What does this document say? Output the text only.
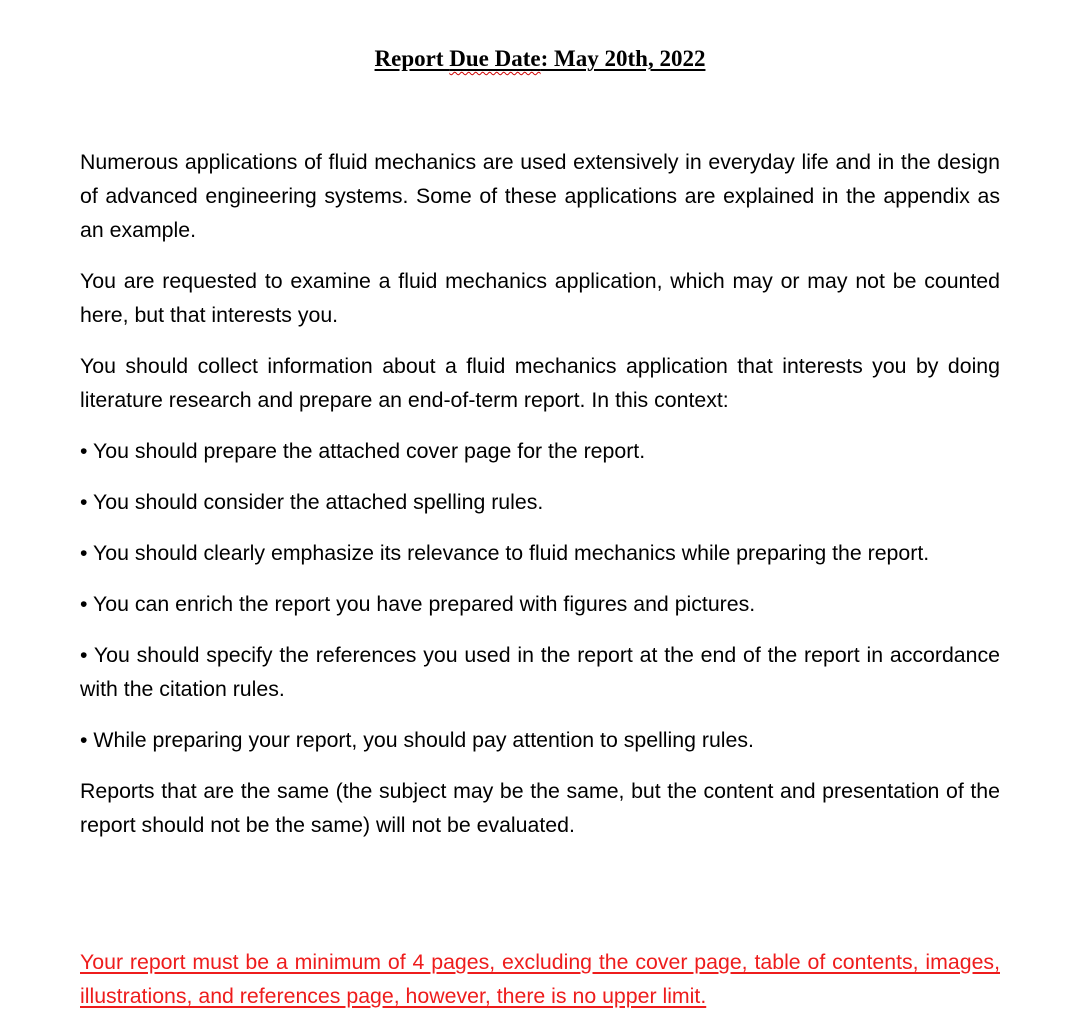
Report Due Date: May 20th, 2022

Numerous applications of fluid mechanics are used extensively in everyday life and in the design of advanced engineering systems. Some of these applications are explained in the appendix as an example.

You are requested to examine a fluid mechanics application, which may or may not be counted here, but that interests you.

You should collect information about a fluid mechanics application that interests you by doing literature research and prepare an end-of-term report. In this context:

• You should prepare the attached cover page for the report.

• You should consider the attached spelling rules.

• You should clearly emphasize its relevance to fluid mechanics while preparing the report.

• You can enrich the report you have prepared with figures and pictures.

• You should specify the references you used in the report at the end of the report in accordance with the citation rules.

• While preparing your report, you should pay attention to spelling rules.

Reports that are the same (the subject may be the same, but the content and presentation of the report should not be the same) will not be evaluated.

Your report must be a minimum of 4 pages, excluding the cover page, table of contents, images, illustrations, and references page, however, there is no upper limit.
